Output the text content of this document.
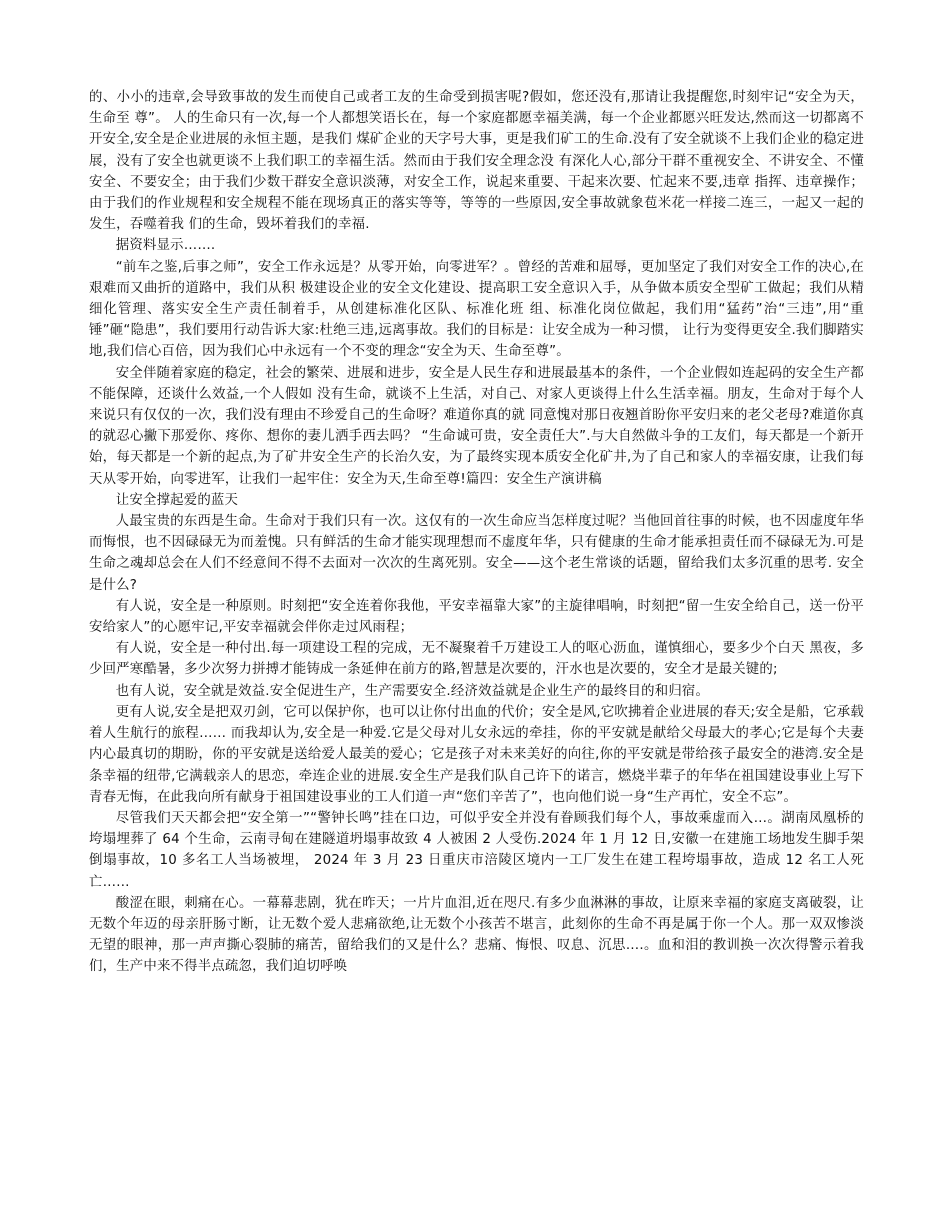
的、小小的违章,会导致事故的发生而使自己或者工友的生命受到损害呢?假如，您还没有,那请让我提醒您,时刻牢记“安全为天，生命至 尊”。 人的生命只有一次,每一个人都想笑语长在，每一个家庭都愿幸福美满，每一个企业都愿兴旺发达,然而这一切都离不开安全,安全是企业进展的永恒主题，是我们 煤矿企业的天字号大事，更是我们矿工的生命.没有了安全就谈不上我们企业的稳定进展，没有了安全也就更谈不上我们职工的幸福生活。然而由于我们安全理念没 有深化人心,部分干群不重视安全、不讲安全、不懂安全、不要安全；由于我们少数干群安全意识淡薄，对安全工作，说起来重要、干起来次要、忙起来不要,违章 指挥、违章操作；由于我们的作业规程和安全规程不能在现场真正的落实等等，等等的一些原因,安全事故就象苞米花一样接二连三，一起又一起的发生，吞噬着我 们的生命，毁坏着我们的幸福.

据资料显示…….

“前车之鉴,后事之师”，安全工作永远是？从零开始，向零进军？。曾经的苦难和屈辱，更加坚定了我们对安全工作的决心,在艰难而又曲折的道路中，我们从积 极建设企业的安全文化建设、提高职工安全意识入手，从争做本质安全型矿工做起；我们从精细化管理、落实安全生产责任制着手，从创建标准化区队、标准化班 组、标准化岗位做起，我们用“猛药”治“三违”,用“重锤”砸“隐患”，我们要用行动告诉大家:杜绝三违,远离事故。我们的目标是：让安全成为一种习惯， 让行为变得更安全.我们脚踏实地,我们信心百倍，因为我们心中永远有一个不变的理念“安全为天、生命至尊”。

安全伴随着家庭的稳定，社会的繁荣、进展和进步，安全是人民生存和进展最基本的条件，一个企业假如连起码的安全生产都不能保障，还谈什么效益,一个人假如 没有生命，就谈不上生活，对自己、对家人更谈得上什么生活幸福。朋友，生命对于每个人来说只有仅仅的一次，我们没有理由不珍爱自己的生命呀？难道你真的就 同意愧对那日夜翘首盼你平安归来的老父老母?难道你真的就忍心撇下那爱你、疼你、想你的妻儿洒手西去吗？ “生命诚可贵，安全责任大”.与大自然做斗争的工友们，每天都是一个新开始，每天都是一个新的起点,为了矿井安全生产的长治久安，为了最终实现本质安全化矿井,为了自己和家人的幸福安康，让我们每天从零开始，向零进军，让我们一起牢住：安全为天,生命至尊!篇四：安全生产演讲稿

让安全撑起爱的蓝天

人最宝贵的东西是生命。生命对于我们只有一次。这仅有的一次生命应当怎样度过呢？当他回首往事的时候，也不因虚度年华而悔恨，也不因碌碌无为而羞愧。只有鲜活的生命才能实现理想而不虚度年华，只有健康的生命才能承担责任而不碌碌无为.可是生命之魂却总会在人们不经意间不得不去面对一次次的生离死别。安全——这个老生常谈的话题，留给我们太多沉重的思考. 安全是什么?

有人说，安全是一种原则。时刻把“安全连着你我他，平安幸福靠大家”的主旋律唱响，时刻把“留一生安全给自己，送一份平安给家人”的心愿牢记,平安幸福就会伴你走过风雨程；

有人说，安全是一种付出.每一项建设工程的完成，无不凝聚着千万建设工人的呕心沥血，谨慎细心，要多少个白天 黑夜，多少回严寒酷暑，多少次努力拼搏才能铸成一条延伸在前方的路,智慧是次要的，汗水也是次要的，安全才是最关键的;

也有人说，安全就是效益.安全促进生产，生产需要安全.经济效益就是企业生产的最终目的和归宿。

更有人说,安全是把双刃剑，它可以保护你，也可以让你付出血的代价；安全是风,它吹拂着企业进展的春天;安全是船，它承载着人生航行的旅程…… 而我却认为,安全是一种爱.它是父母对儿女永远的牵挂，你的平安就是献给父母最大的孝心;它是每个夫妻内心最真切的期盼，你的平安就是送给爱人最美的爱心；它是孩子对未来美好的向往,你的平安就是带给孩子最安全的港湾.安全是条幸福的纽带,它满载亲人的思恋，牵连企业的进展.安全生产是我们队自己许下的诺言，燃烧半辈子的年华在祖国建设事业上写下青春无悔，在此我向所有献身于祖国建设事业的工人们道一声“您们辛苦了”，也向他们说一身“生产再忙，安全不忘”。

尽管我们天天都会把“安全第一”“警钟长鸣”挂在口边，可似乎安全并没有眷顾我们每个人，事故乘虚而入…。湖南凤凰桥的垮塌埋葬了 64 个生命，云南寻甸在建隧道坍塌事故致 4 人被困 2 人受伤.2024 年 1 月 12 日,安徽一在建施工场地发生脚手架倒塌事故，10 多名工人当场被埋， 2024 年 3 月 23 日重庆市涪陵区境内一工厂发生在建工程垮塌事故，造成 12 名工人死亡……

酸涩在眼，刺痛在心。一幕幕悲剧，犹在昨天；一片片血泪,近在咫尺.有多少血淋淋的事故，让原来幸福的家庭支离破裂，让无数个年迈的母亲肝肠寸断，让无数个爱人悲痛欲绝,让无数个小孩苦不堪言，此刻你的生命不再是属于你一个人。那一双双惨淡无望的眼神，那一声声撕心裂肺的痛苦，留给我们的又是什么？悲痛、悔恨、叹息、沉思….。血和泪的教训换一次次得警示着我们，生产中来不得半点疏忽，我们迫切呼唤
